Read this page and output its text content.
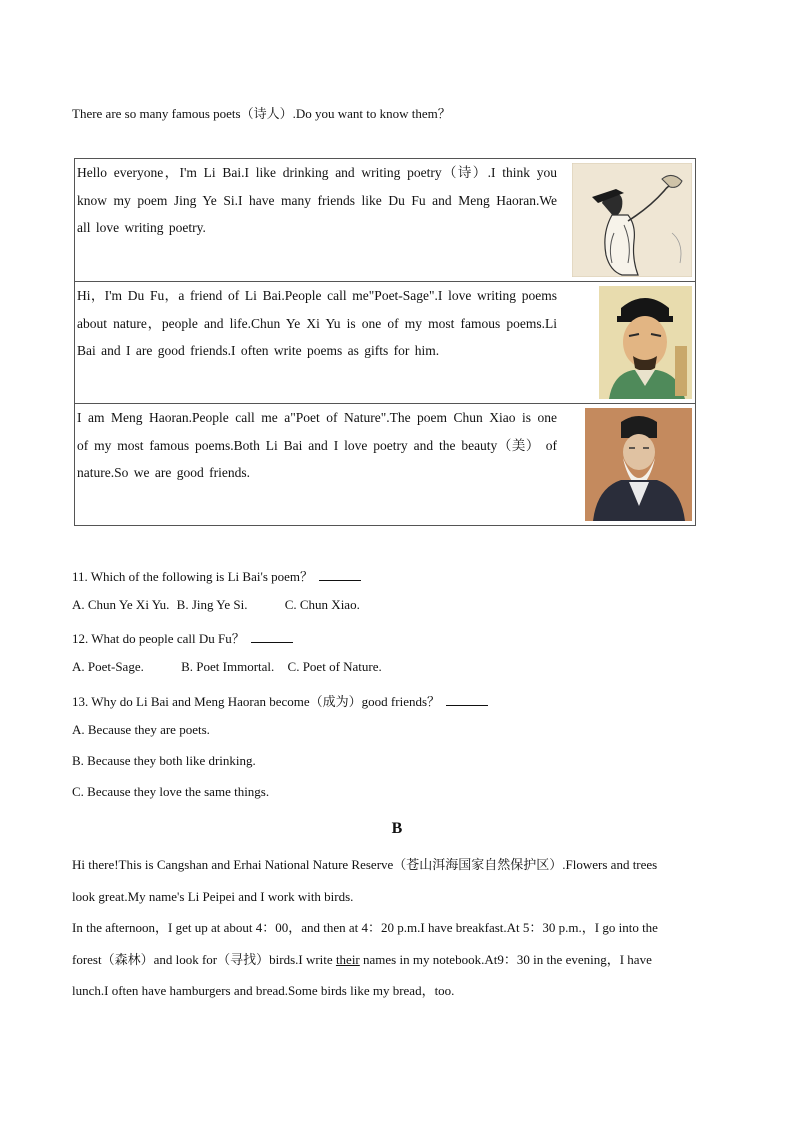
There are so many famous poets（诗人）.Do you want to know them？
Hello everyone，I'm Li Bai.I like drinking and writing poetry（诗）.I think you know my poem Jing Ye Si.I have many friends like Du Fu and Meng Haoran.We all love writing poetry.
Hi，I'm Du Fu，a friend of Li Bai.People call me"Poet-Sage".I love writing poems about nature，people and life.Chun Ye Xi Yu is one of my most famous poems.Li Bai and I are good friends.I often write poems as gifts for him.
I am Meng Haoran.People call me a"Poet of Nature".The poem Chun Xiao is one of my most famous poems.Both Li Bai and I love poetry and the beauty（美） of nature.So we are good friends.
11. Which of the following is Li Bai's poem？
A. Chun Ye Xi Yu. B. Jing Ye Si.	C. Chun Xiao.
12. What do people call Du Fu？
A. Poet-Sage.	B. Poet Immortal. C. Poet of Nature.
13. Why do Li Bai and Meng Haoran become（成为）good friends？
A. Because they are poets.
B. Because they both like drinking.
C. Because they love the same things.
B
Hi there!This is Cangshan and Erhai National Nature Reserve（苍山洱海国家自然保护区）.Flowers and trees
look great.My name's Li Peipei and I work with birds.
In the afternoon，I get up at about 4：00，and then at 4：20 p.m.I have breakfast.At 5：30 p.m.，I go into the
forest（森林）and look for（寻找）birds.I write their names in my notebook.At9：30 in the evening，I have
lunch.I often have hamburgers and bread.Some birds like my bread，too.
